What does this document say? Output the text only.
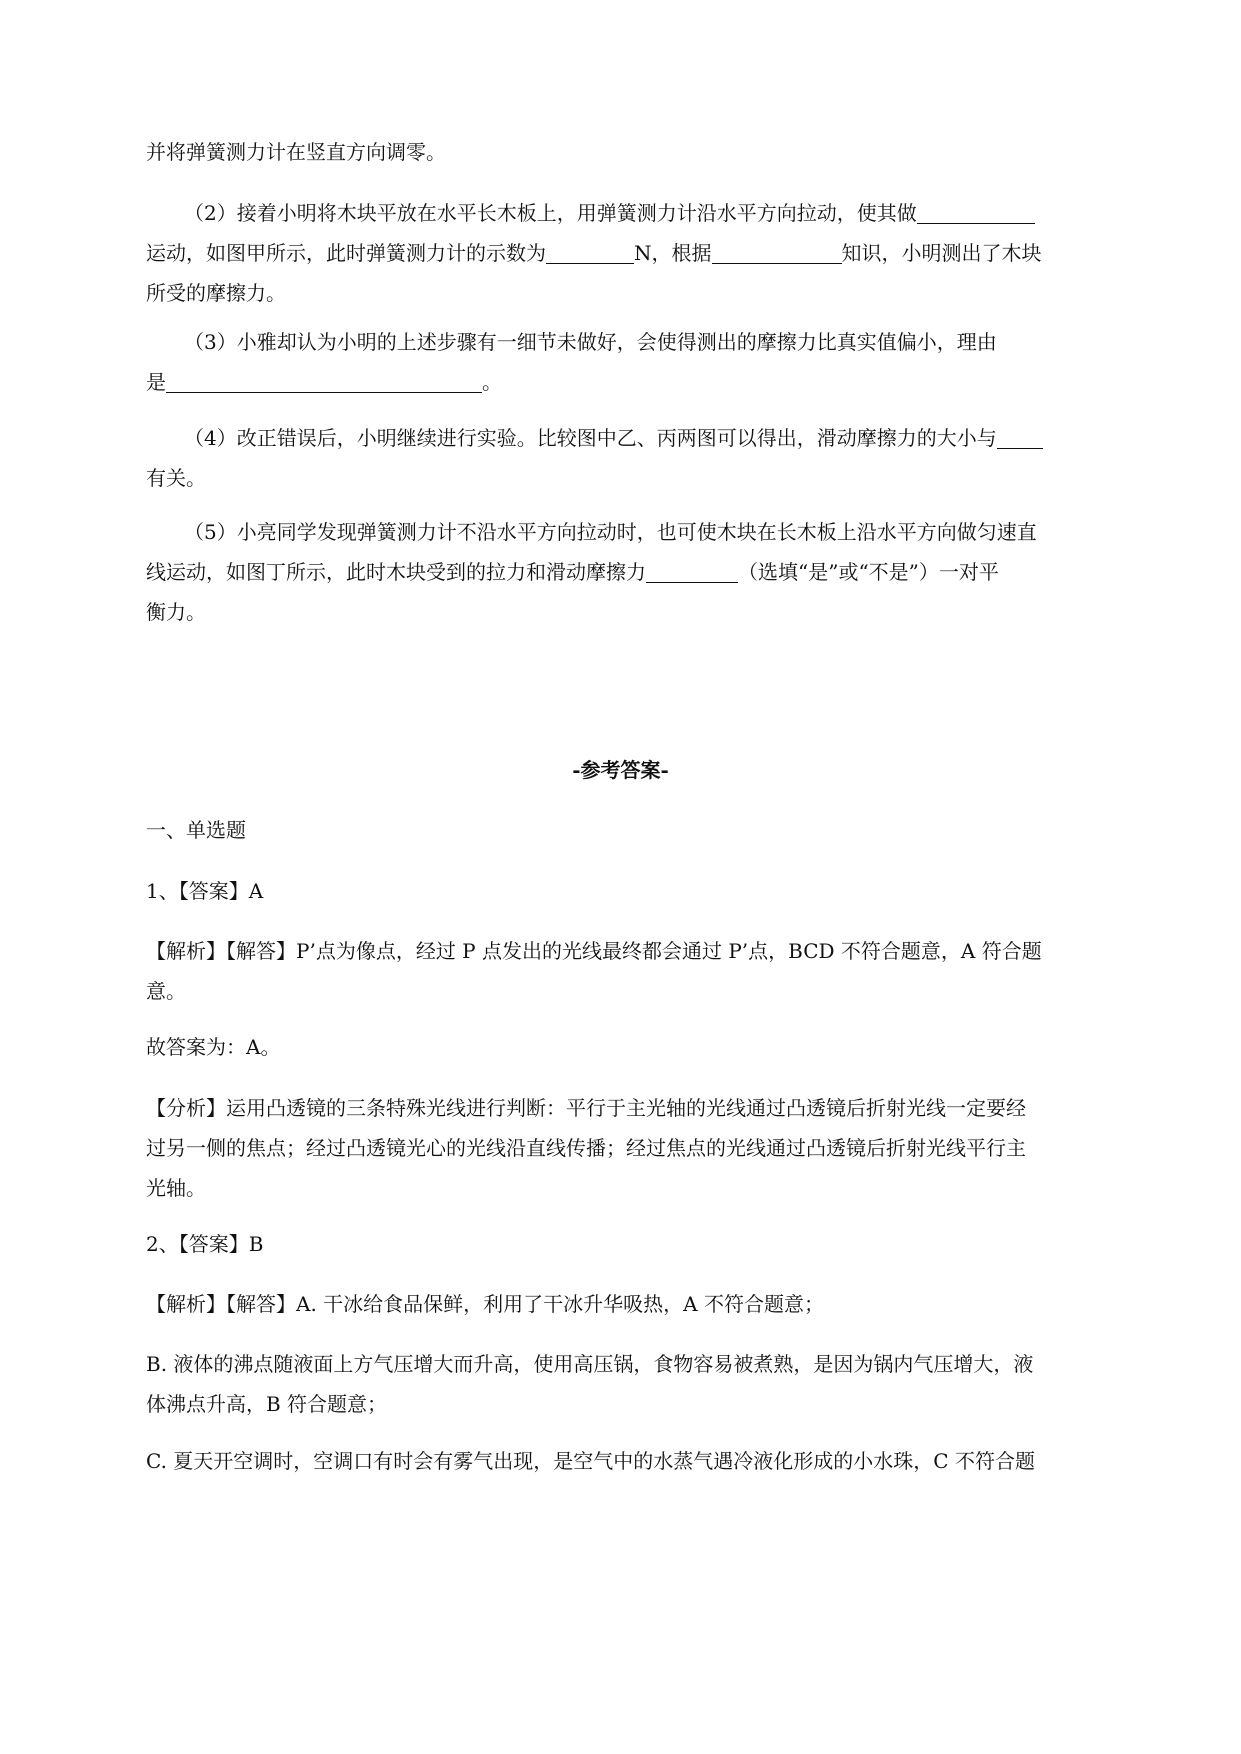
并将弹簧测力计在竖直方向调零。
（2）接着小明将木块平放在水平长木板上，用弹簧测力计沿水平方向拉动，使其做
运动，如图甲所示，此时弹簧测力计的示数为	N，根据	知识，小明测出了木块
所受的摩擦力。
（3）小雅却认为小明的上述步骤有一细节未做好，会使得测出的摩擦力比真实值偏小，理由
是	。
（4）改正错误后，小明继续进行实验。比较图中乙、丙两图可以得出，滑动摩擦力的大小与
有关。
（5）小亮同学发现弹簧测力计不沿水平方向拉动时，也可使木块在长木板上沿水平方向做匀速直
线运动，如图丁所示，此时木块受到的拉力和滑动摩擦力	（选填“是”或“不是”）一对平
衡力。
-参考答案-
一、单选题
1、【答案】A
【解析】【解答】P’点为像点，经过 P 点发出的光线最终都会通过 P’点，BCD 不符合题意，A 符合题
意。
故答案为：A。
【分析】运用凸透镜的三条特殊光线进行判断：平行于主光轴的光线通过凸透镜后折射光线一定要经
过另一侧的焦点；经过凸透镜光心的光线沿直线传播；经过焦点的光线通过凸透镜后折射光线平行主
光轴。
2、【答案】B
【解析】【解答】A. 干冰给食品保鲜，利用了干冰升华吸热，A 不符合题意；
B. 液体的沸点随液面上方气压增大而升高，使用高压锅，食物容易被煮熟，是因为锅内气压增大，液
体沸点升高，B 符合题意；
C. 夏天开空调时，空调口有时会有雾气出现，是空气中的水蒸气遇冷液化形成的小水珠，C 不符合题
